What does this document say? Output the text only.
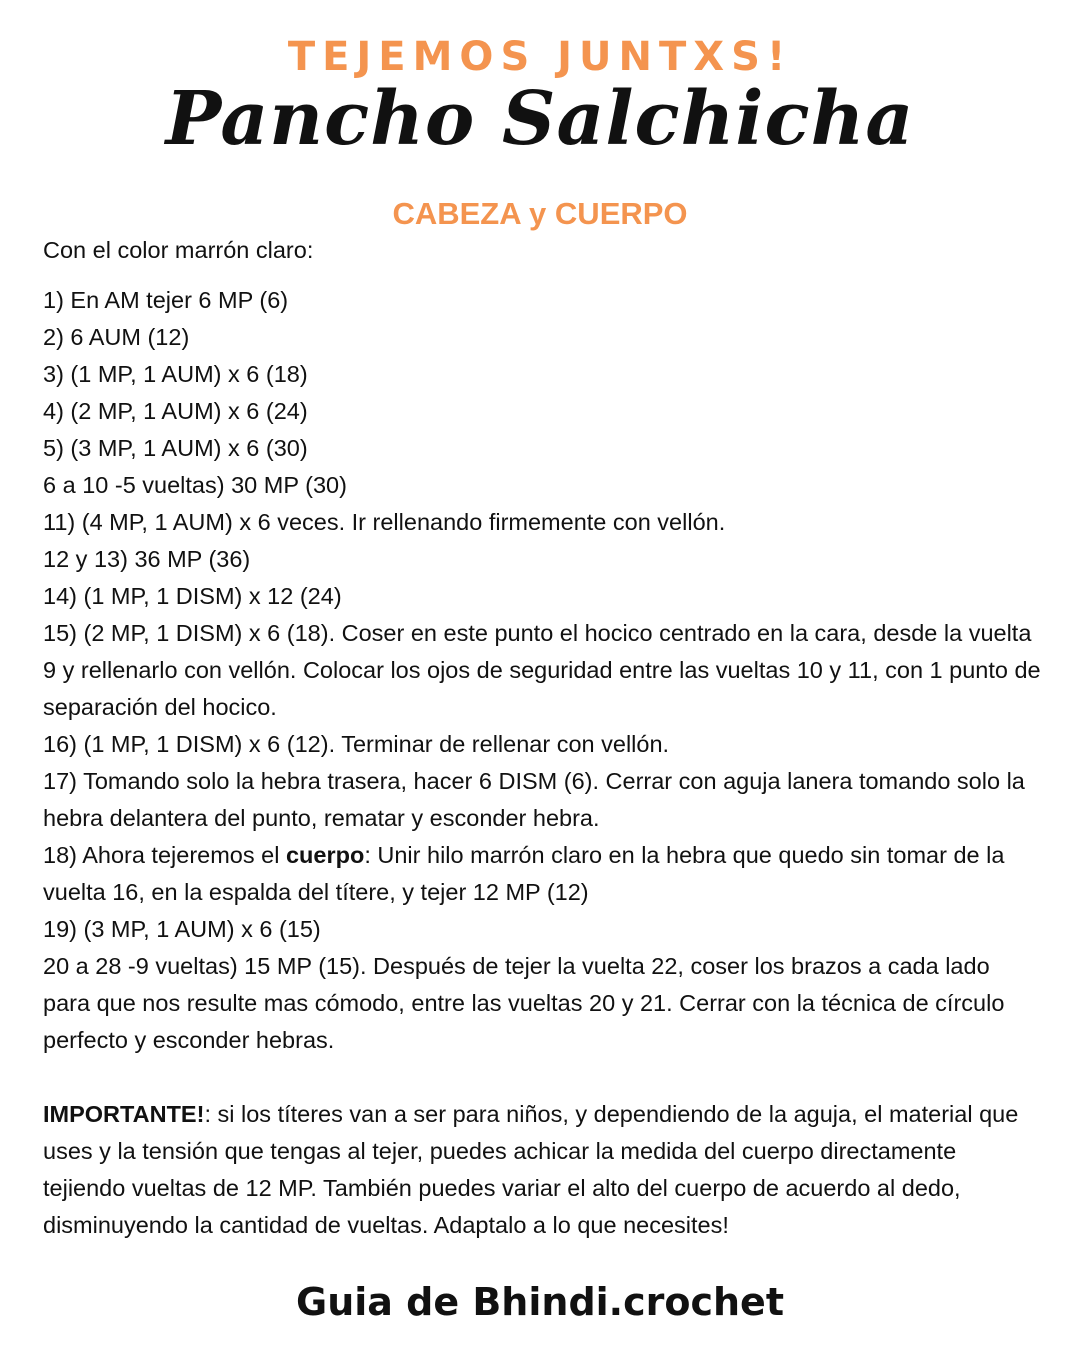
TEJEMOS JUNTXS!
Pancho Salchicha
CABEZA y CUERPO

Con el color marrón claro:

1) En AM tejer 6 MP (6)
2) 6 AUM (12)
3) (1 MP, 1 AUM) x 6 (18)
4) (2 MP, 1 AUM) x 6 (24)
5) (3 MP, 1 AUM) x 6 (30)
6 a 10 -5 vueltas) 30 MP (30)
11) (4 MP, 1 AUM) x 6 veces. Ir rellenando firmemente con vellón.
12 y 13) 36 MP (36)
14) (1 MP, 1 DISM) x 12 (24)
15) (2 MP, 1 DISM) x 6 (18). Coser en este punto el hocico centrado en la cara, desde la vuelta 9 y rellenarlo con vellón. Colocar los ojos de seguridad entre las vueltas 10 y 11, con 1 punto de separación del hocico.
16) (1 MP, 1 DISM) x 6 (12). Terminar de rellenar con vellón.
17) Tomando solo la hebra trasera, hacer 6 DISM (6). Cerrar con aguja lanera tomando solo la hebra delantera del punto, rematar y esconder hebra.
18) Ahora tejeremos el cuerpo: Unir hilo marrón claro en la hebra que quedo sin tomar de la vuelta 16, en la espalda del títere, y tejer 12 MP (12)
19) (3 MP, 1 AUM) x 6 (15)
20 a 28 -9 vueltas) 15 MP (15). Después de tejer la vuelta 22, coser los brazos a cada lado para que nos resulte mas cómodo, entre las vueltas 20 y 21. Cerrar con la técnica de círculo perfecto y esconder hebras.

IMPORTANTE!: si los títeres van a ser para niños, y dependiendo de la aguja, el material que uses y la tensión que tengas al tejer, puedes achicar la medida del cuerpo directamente tejiendo vueltas de 12 MP. También puedes variar el alto del cuerpo de acuerdo al dedo, disminuyendo la cantidad de vueltas. Adaptalo a lo que necesites!

Guia de Bhindi.crochet
